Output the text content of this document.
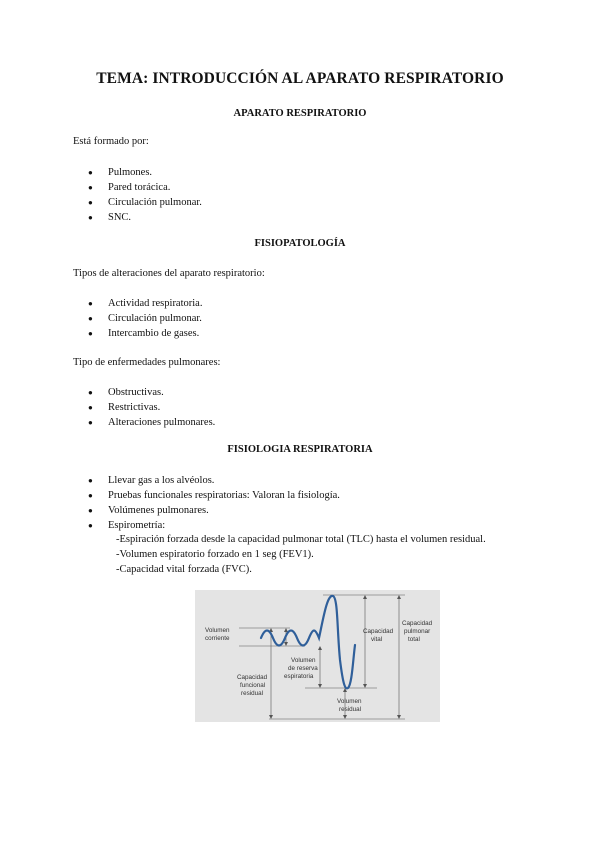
TEMA: INTRODUCCIÓN AL APARATO RESPIRATORIO
APARATO RESPIRATORIO
Está formado por:
● Pulmones.
● Pared torácica.
● Circulación pulmonar.
● SNC.
FISIOPATOLOGÍA
Tipos de alteraciones del aparato respiratorio:
● Actividad respiratoria.
● Circulación pulmonar.
● Intercambio de gases.
Tipo de enfermedades pulmonares:
● Obstructivas.
● Restrictivas.
● Alteraciones pulmonares.
FISIOLOGIA RESPIRATORIA
● Llevar gas a los alvéolos.
● Pruebas funcionales respiratorias: Valoran la fisiología.
● Volúmenes pulmonares.
● Espirometría:
-Espiración forzada desde la capacidad pulmonar total (TLC) hasta el volumen residual.
-Volumen espiratorio forzado en 1 seg (FEV1).
-Capacidad vital forzada (FVC).
Volumen
corriente
Capacidad
funcional
residual
Volumen
de reserva
espiratoria
Capacidad
vital
Capacidad
pulmonar
total
Volumen
residual
